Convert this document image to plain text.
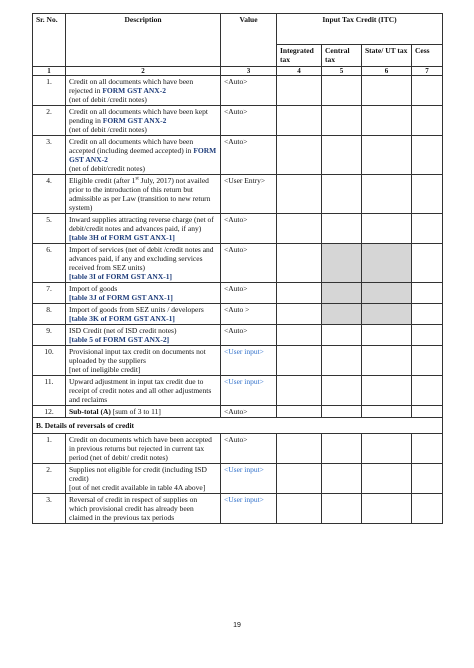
Sr. No.	Description	Value	Input Tax Credit (ITC)			
			Integrated tax	Central tax	State/ UT tax	Cess
1	2	3	4	5	6	7
1.	Credit on all documents which have been rejected in FORM GST ANX-2
(net of debit /credit notes)	<Auto>				
2.	Credit on all documents which have been kept pending in FORM GST ANX-2
(net of debit /credit notes)	<Auto>				
3.	Credit on all documents which have been accepted (including deemed accepted) in FORM GST ANX-2
(net of debit/credit notes)	<Auto>				
4.	Eligible credit (after 1st July, 2017) not availed prior to the introduction of this return but admissible as per Law (transition to new return system)	<User Entry>				
5.	Inward supplies attracting reverse charge (net of debit/credit notes and advances paid, if any)
[table 3H of FORM GST ANX-1]	<Auto>				
6.	Import of services (net of debit /credit notes and advances paid, if any and excluding services received from SEZ units)
[table 3I of FORM GST ANX-1]	<Auto>				
7.	Import of goods
[table 3J of FORM GST ANX-1]	<Auto>				
8.	Import of goods from SEZ units / developers
[table 3K of FORM GST ANX-1]	<Auto >				
9.	ISD Credit (net of ISD credit notes)
[table 5 of FORM GST ANX-2]	<Auto>				
10.	Provisional input tax credit on documents not uploaded by the suppliers
[net of ineligible credit]	<User input>				
11.	Upward adjustment in input tax credit due to receipt of credit notes and all other adjustments and reclaims	<User input>				
12.	Sub-total (A) [sum of 3 to 11]	<Auto>				
B. Details of reversals of credit						
1.	Credit on documents which have been accepted in previous returns but rejected in current tax period (net of debit/ credit notes)	<Auto>				
2.	Supplies not eligible for credit (including ISD credit)
[out of net credit available in table 4A above]	<User input>				
3.	Reversal of credit in respect of supplies on which provisional credit has already been claimed in the previous tax periods	<User input>				
19
